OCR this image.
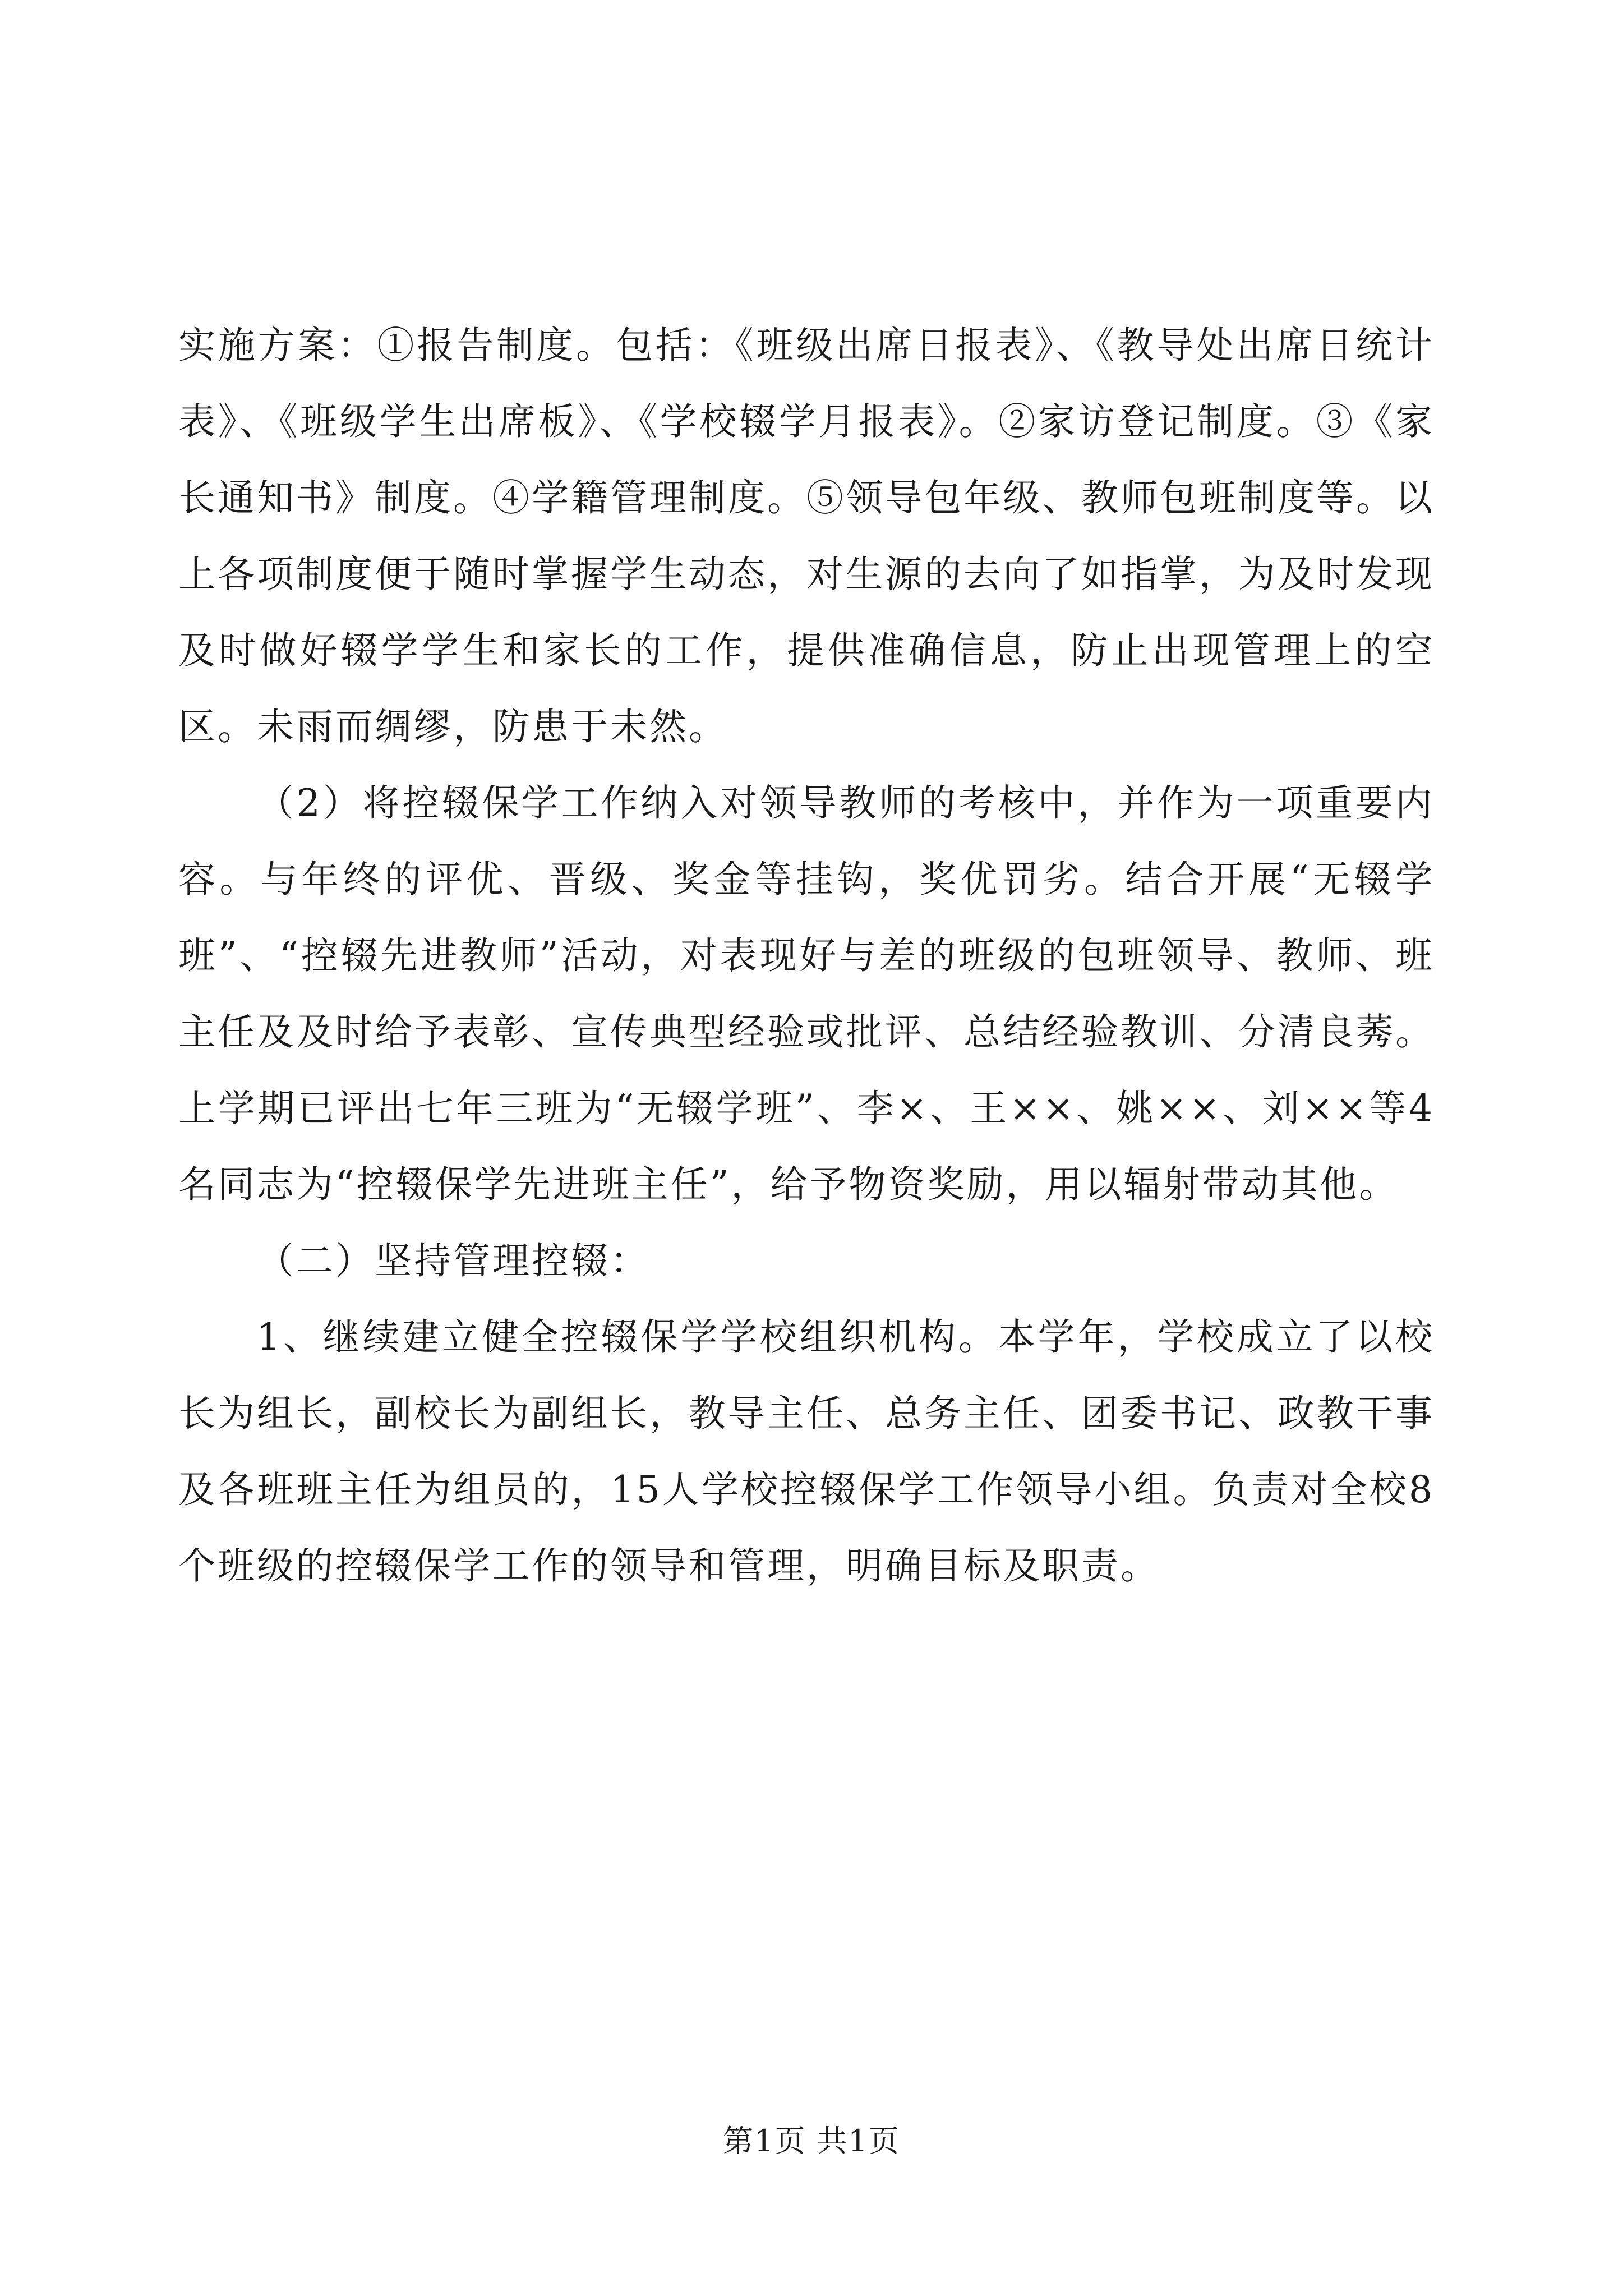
实施方案：①报告制度。包括：《班级出席日报表》、《教导处出席日统计表》、《班级学生出席板》、《学校辍学月报表》。②家访登记制度。③《家长通知书》制度。④学籍管理制度。⑤领导包年级、教师包班制度等。以上各项制度便于随时掌握学生动态，对生源的去向了如指掌，为及时发现及时做好辍学学生和家长的工作，提供准确信息，防止出现管理上的空区。未雨而绸缪，防患于未然。

（2）将控辍保学工作纳入对领导教师的考核中，并作为一项重要内容。与年终的评优、晋级、奖金等挂钩，奖优罚劣。结合开展“无辍学班”、“控辍先进教师”活动，对表现好与差的班级的包班领导、教师、班主任及及时给予表彰、宣传典型经验或批评、总结经验教训、分清良莠。上学期已评出七年三班为“无辍学班”、李×、王××、姚××、刘××等4名同志为“控辍保学先进班主任”，给予物资奖励，用以辐射带动其他。

（二）坚持管理控辍：

1、继续建立健全控辍保学学校组织机构。本学年，学校成立了以校长为组长，副校长为副组长，教导主任、总务主任、团委书记、政教干事及各班班主任为组员的，15人学校控辍保学工作领导小组。负责对全校8个班级的控辍保学工作的领导和管理，明确目标及职责。

第1页 共1页
